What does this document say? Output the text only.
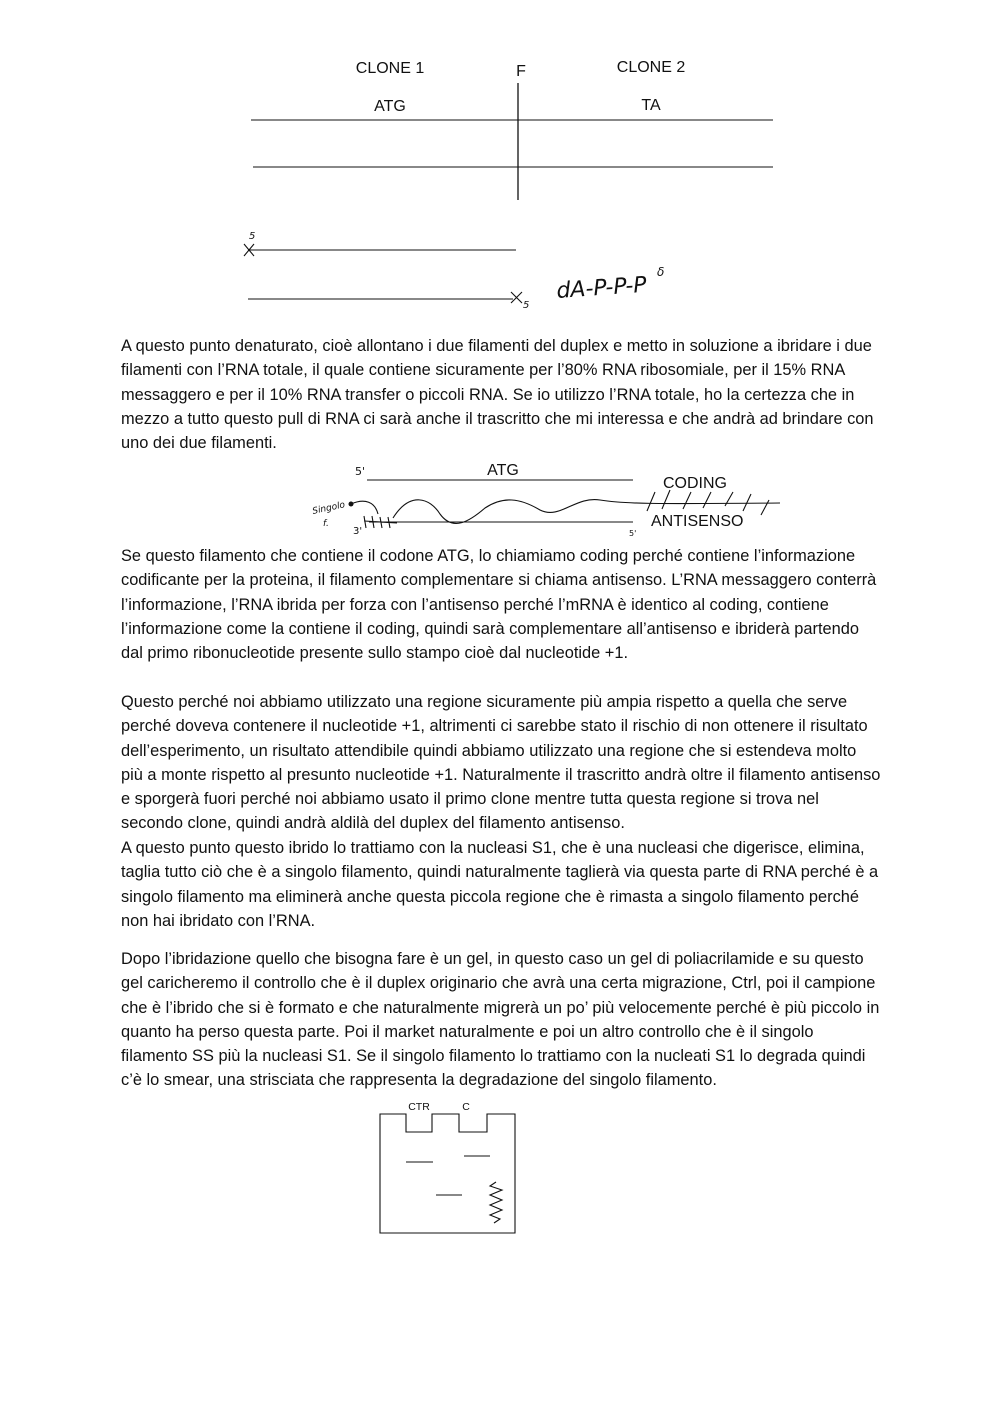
CLONE 1	F	CLONE 2
ATG	TA
5
5
dA-P-P-P
δ

A questo punto denaturato, cioè allontano i due filamenti del duplex e metto in soluzione a ibridare i due filamenti con l’RNA totale, il quale contiene sicuramente per l’80% RNA ribosomiale, per il 15% RNA messaggero e per il 10% RNA transfer o piccoli RNA. Se io utilizzo l’RNA totale, ho la certezza che in mezzo a tutto questo pull di RNA ci sarà anche il trascritto che mi interessa e che andrà ad brindare con uno dei due filamenti.

5'	ATG
CODING
ANTISENSO
Singolo
f.
3'	5'

Se questo filamento che contiene il codone ATG, lo chiamiamo coding perché contiene l’informazione codificante per la proteina, il filamento complementare si chiama antisenso. L’RNA messaggero conterrà l’informazione, l’RNA ibrida per forza con l’antisenso perché l’mRNA è identico al coding, contiene l’informazione come la contiene il coding, quindi sarà complementare all’antisenso e ibriderà partendo dal primo ribonucleotide presente sullo stampo cioè dal nucleotide +1.

Questo perché noi abbiamo utilizzato una regione sicuramente più ampia rispetto a quella che serve perché doveva contenere il nucleotide +1, altrimenti ci sarebbe stato il rischio di non ottenere il risultato dell’esperimento, un risultato attendibile quindi abbiamo utilizzato una regione che si estendeva molto più a monte rispetto al presunto nucleotide +1. Naturalmente il trascritto andrà oltre il filamento antisenso e sporgerà fuori perché noi abbiamo usato il primo clone mentre tutta questa regione si trova nel secondo clone, quindi andrà aldilà del duplex del filamento antisenso.

A questo punto questo ibrido lo trattiamo con la nucleasi S1, che è una nucleasi che digerisce, elimina, taglia tutto ciò che è a singolo filamento, quindi naturalmente taglierà via questa parte di RNA perché è a singolo filamento ma eliminerà anche questa piccola regione che è rimasta a singolo filamento perché non hai ibridato con l’RNA.

Dopo l’ibridazione quello che bisogna fare è un gel, in questo caso un gel di poliacrilamide e su questo gel caricheremo il controllo che è il duplex originario che avrà una certa migrazione, Ctrl, poi il campione che è l’ibrido che si è formato e che naturalmente migrerà un po’ più velocemente perché è più piccolo in quanto ha perso questa parte. Poi il market naturalmente e poi un altro controllo che è il singolo filamento SS più la nucleasi S1. Se il singolo filamento lo trattiamo con la nucleati S1 lo degrada quindi c’è lo smear, una strisciata che rappresenta la degradazione del singolo filamento.

CTR	C
